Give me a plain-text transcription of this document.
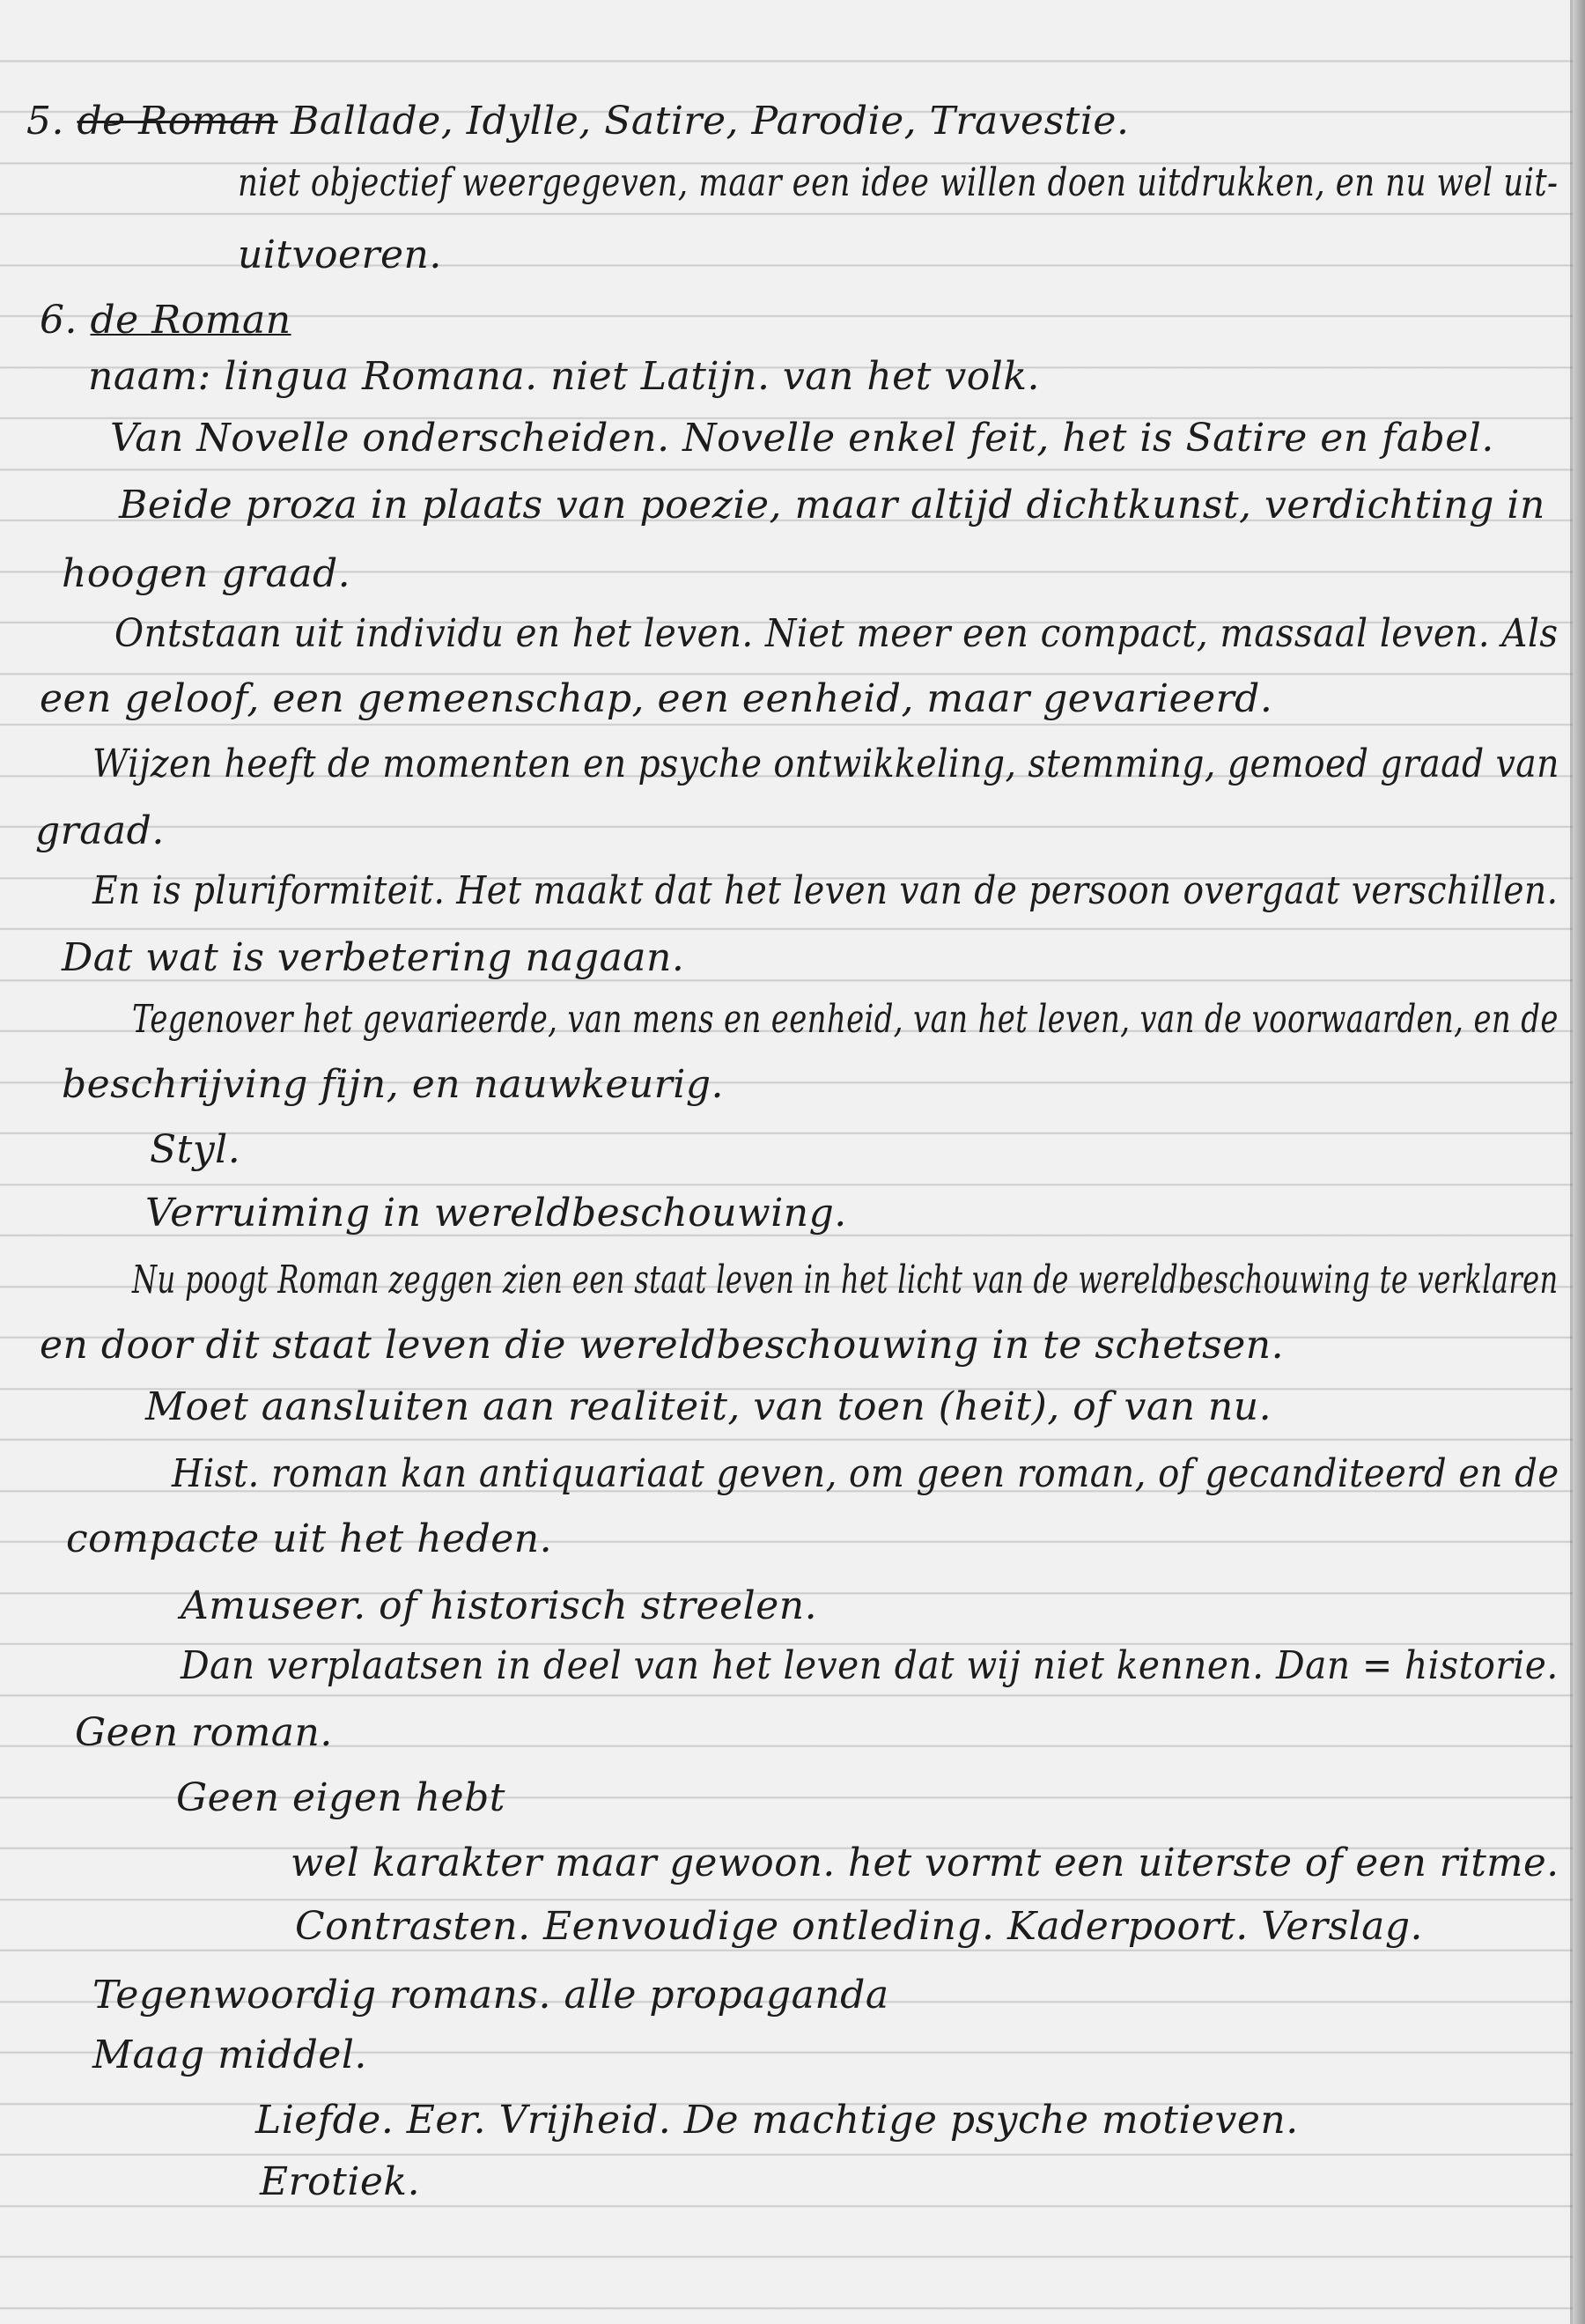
5. de Roman Ballade, Idylle, Satire, Parodie, Travestie.
niet objectief weergegeven, maar een idee willen doen uitdrukken, en nu wel uit-
uitvoeren.
6. de Roman
naam: lingua Romana. niet Latijn. van het volk.
Van Novelle onderscheiden. Novelle enkel feit, het is Satire en fabel.
Beide proza in plaats van poezie, maar altijd dichtkunst, verdichting in
hoogen graad.
Ontstaan uit individu en het leven. Niet meer een compact, massaal leven. Als
een geloof, een gemeenschap, een eenheid, maar gevarieerd.
Wijzen heeft de momenten en psyche ontwikkeling, stemming, gemoed graad van
graad.
En is pluriformiteit. Het maakt dat het leven van de persoon overgaat verschillen.
Dat wat is verbetering nagaan.
Tegenover het gevarieerde, van mens en eenheid, van het leven, van de voorwaarden, en de
beschrijving fijn, en nauwkeurig.
Styl.
Verruiming in wereldbeschouwing.
Nu poogt Roman zeggen zien een staat leven in het licht van de wereldbeschouwing te verklaren
en door dit staat leven die wereldbeschouwing in te schetsen.
Moet aansluiten aan realiteit, van toen (heit), of van nu.
Hist. roman kan antiquariaat geven, om geen roman, of gecanditeerd en de
compacte uit het heden.
Amuseer. of historisch streelen.
Dan verplaatsen in deel van het leven dat wij niet kennen. Dan = historie.
Geen roman.
Geen eigen hebt
wel karakter maar gewoon. het vormt een uiterste of een ritme.
Contrasten. Eenvoudige ontleding. Kaderpoort. Verslag.
Tegenwoordig romans. alle propaganda
Maag middel.
Liefde. Eer. Vrijheid. De machtige psyche motieven.
Erotiek.
